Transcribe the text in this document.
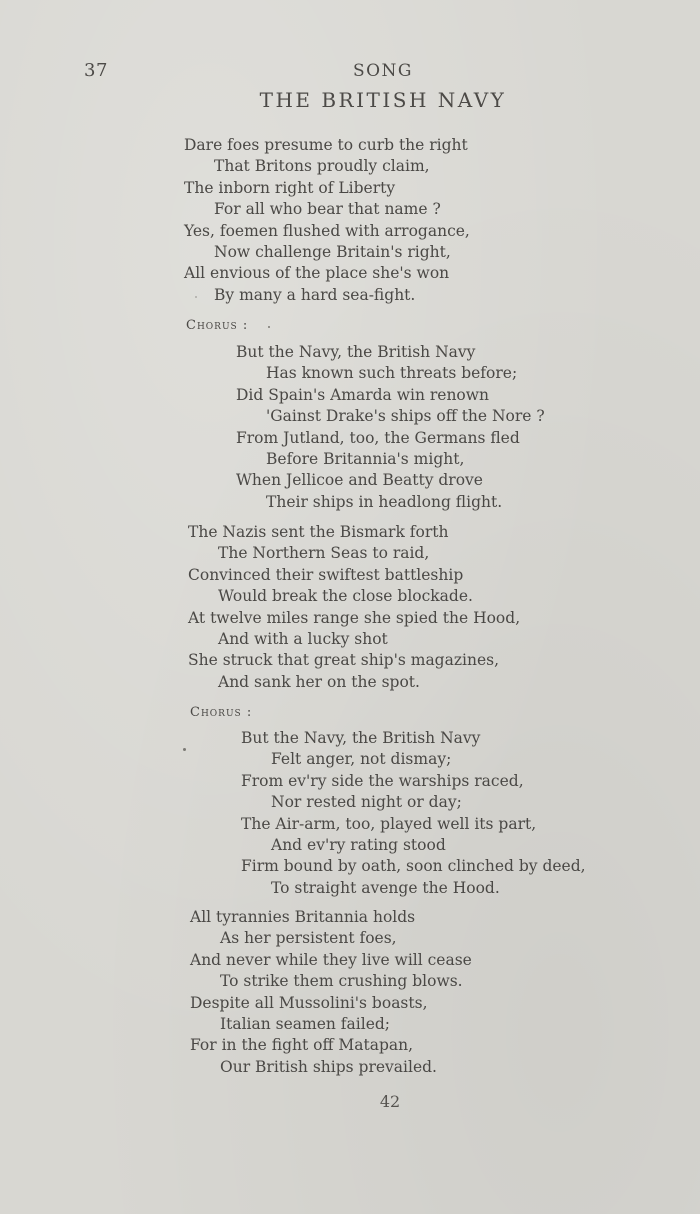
37	SONG
THE BRITISH NAVY
Dare foes presume to curb the right
That Britons proudly claim,
The inborn right of Liberty
For all who bear that name ?
Yes, foemen flushed with arrogance,
Now challenge Britain's right,
All envious of the place she's won
By many a hard sea-fight.
Chorus :
But the Navy, the British Navy
Has known such threats before;
Did Spain's Amarda win renown
'Gainst Drake's ships off the Nore ?
From Jutland, too, the Germans fled
Before Britannia's might,
When Jellicoe and Beatty drove
Their ships in headlong flight.
The Nazis sent the Bismark forth
The Northern Seas to raid,
Convinced their swiftest battleship
Would break the close blockade.
At twelve miles range she spied the Hood,
And with a lucky shot
She struck that great ship's magazines,
And sank her on the spot.
Chorus :
But the Navy, the British Navy
Felt anger, not dismay;
From ev'ry side the warships raced,
Nor rested night or day;
The Air-arm, too, played well its part,
And ev'ry rating stood
Firm bound by oath, soon clinched by deed,
To straight avenge the Hood.
All tyrannies Britannia holds
As her persistent foes,
And never while they live will cease
To strike them crushing blows.
Despite all Mussolini's boasts,
Italian seamen failed;
For in the fight off Matapan,
Our British ships prevailed.
42
